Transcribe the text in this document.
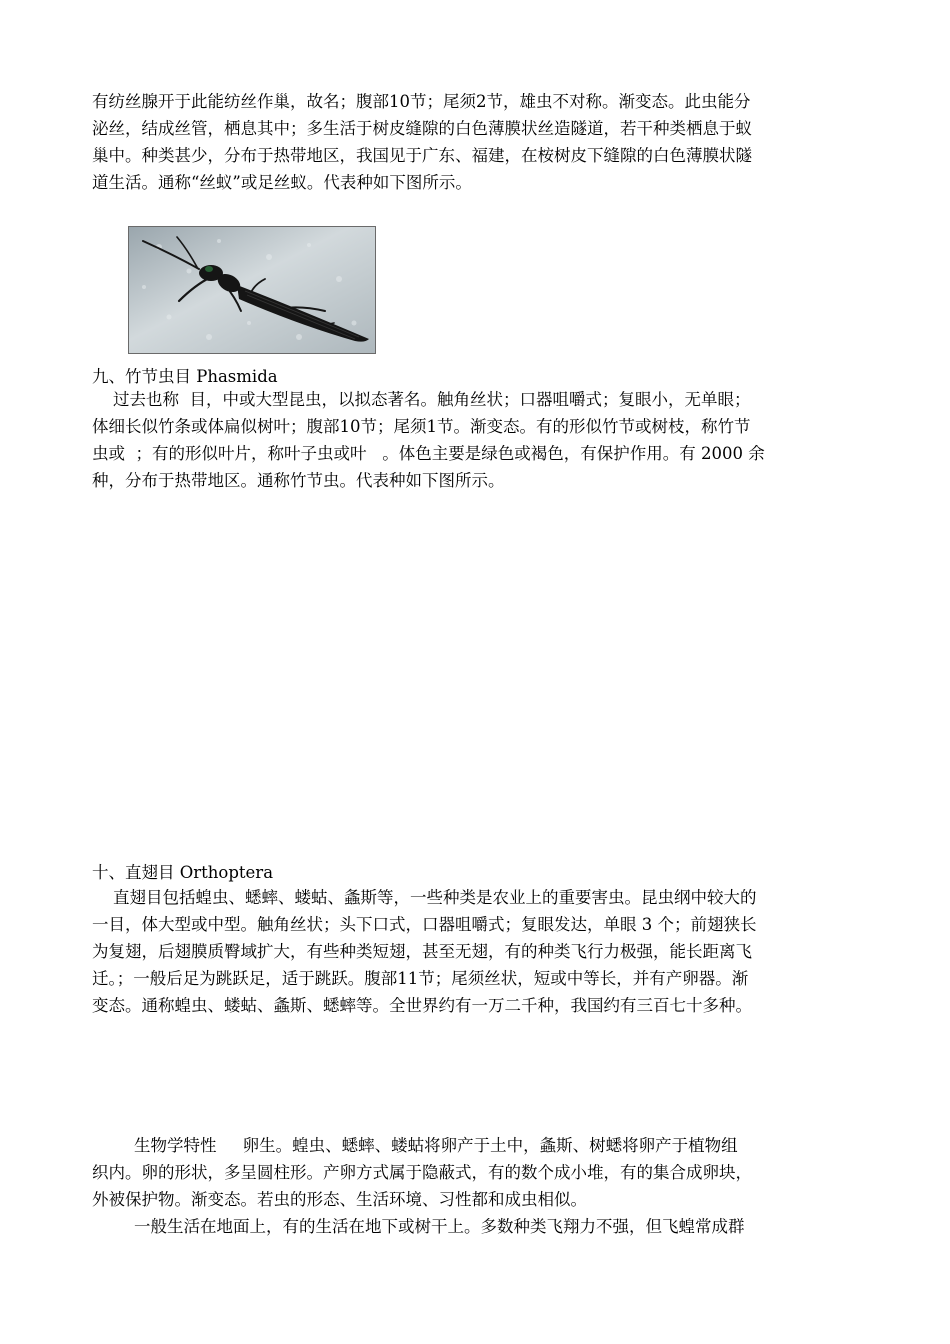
有纺丝腺开于此能纺丝作巢，故名；腹部10节；尾须2节，雄虫不对称。渐变态。此虫能分
泌丝，结成丝管，栖息其中；多生活于树皮缝隙的白色薄膜状丝造隧道，若干种类栖息于蚁
巢中。种类甚少，分布于热带地区，我国见于广东、福建，在桉树皮下缝隙的白色薄膜状隧
道生活。通称“丝蚁”或足丝蚁。代表种如下图所示。
九、竹节虫目 Phasmida
过去也称  目，中或大型昆虫，以拟态著名。触角丝状；口器咀嚼式；复眼小，无单眼；
体细长似竹条或体扁似树叶；腹部10节；尾须1节。渐变态。有的形似竹节或树枝，称竹节
虫或  ；有的形似叶片，称叶子虫或叶   。体色主要是绿色或褐色，有保护作用。有 2000 余
种，分布于热带地区。通称竹节虫。代表种如下图所示。
十、直翅目 Orthoptera
直翅目包括蝗虫、蟋蟀、蝼蛄、螽斯等，一些种类是农业上的重要害虫。昆虫纲中较大的
一目，体大型或中型。触角丝状；头下口式，口器咀嚼式；复眼发达，单眼 3 个；前翅狭长
为复翅，后翅膜质臀域扩大，有些种类短翅，甚至无翅，有的种类飞行力极强，能长距离飞
迁。；一般后足为跳跃足，适于跳跃。腹部11节；尾须丝状，短或中等长，并有产卵器。渐
变态。通称蝗虫、蝼蛄、螽斯、蟋蟀等。全世界约有一万二千种，我国约有三百七十多种。
生物学特性     卵生。蝗虫、蟋蟀、蝼蛄将卵产于土中，螽斯、树蟋将卵产于植物组
织内。卵的形状，多呈圆柱形。产卵方式属于隐蔽式，有的数个成小堆，有的集合成卵块，
外被保护物。渐变态。若虫的形态、生活环境、习性都和成虫相似。
一般生活在地面上，有的生活在地下或树干上。多数种类飞翔力不强，但飞蝗常成群
